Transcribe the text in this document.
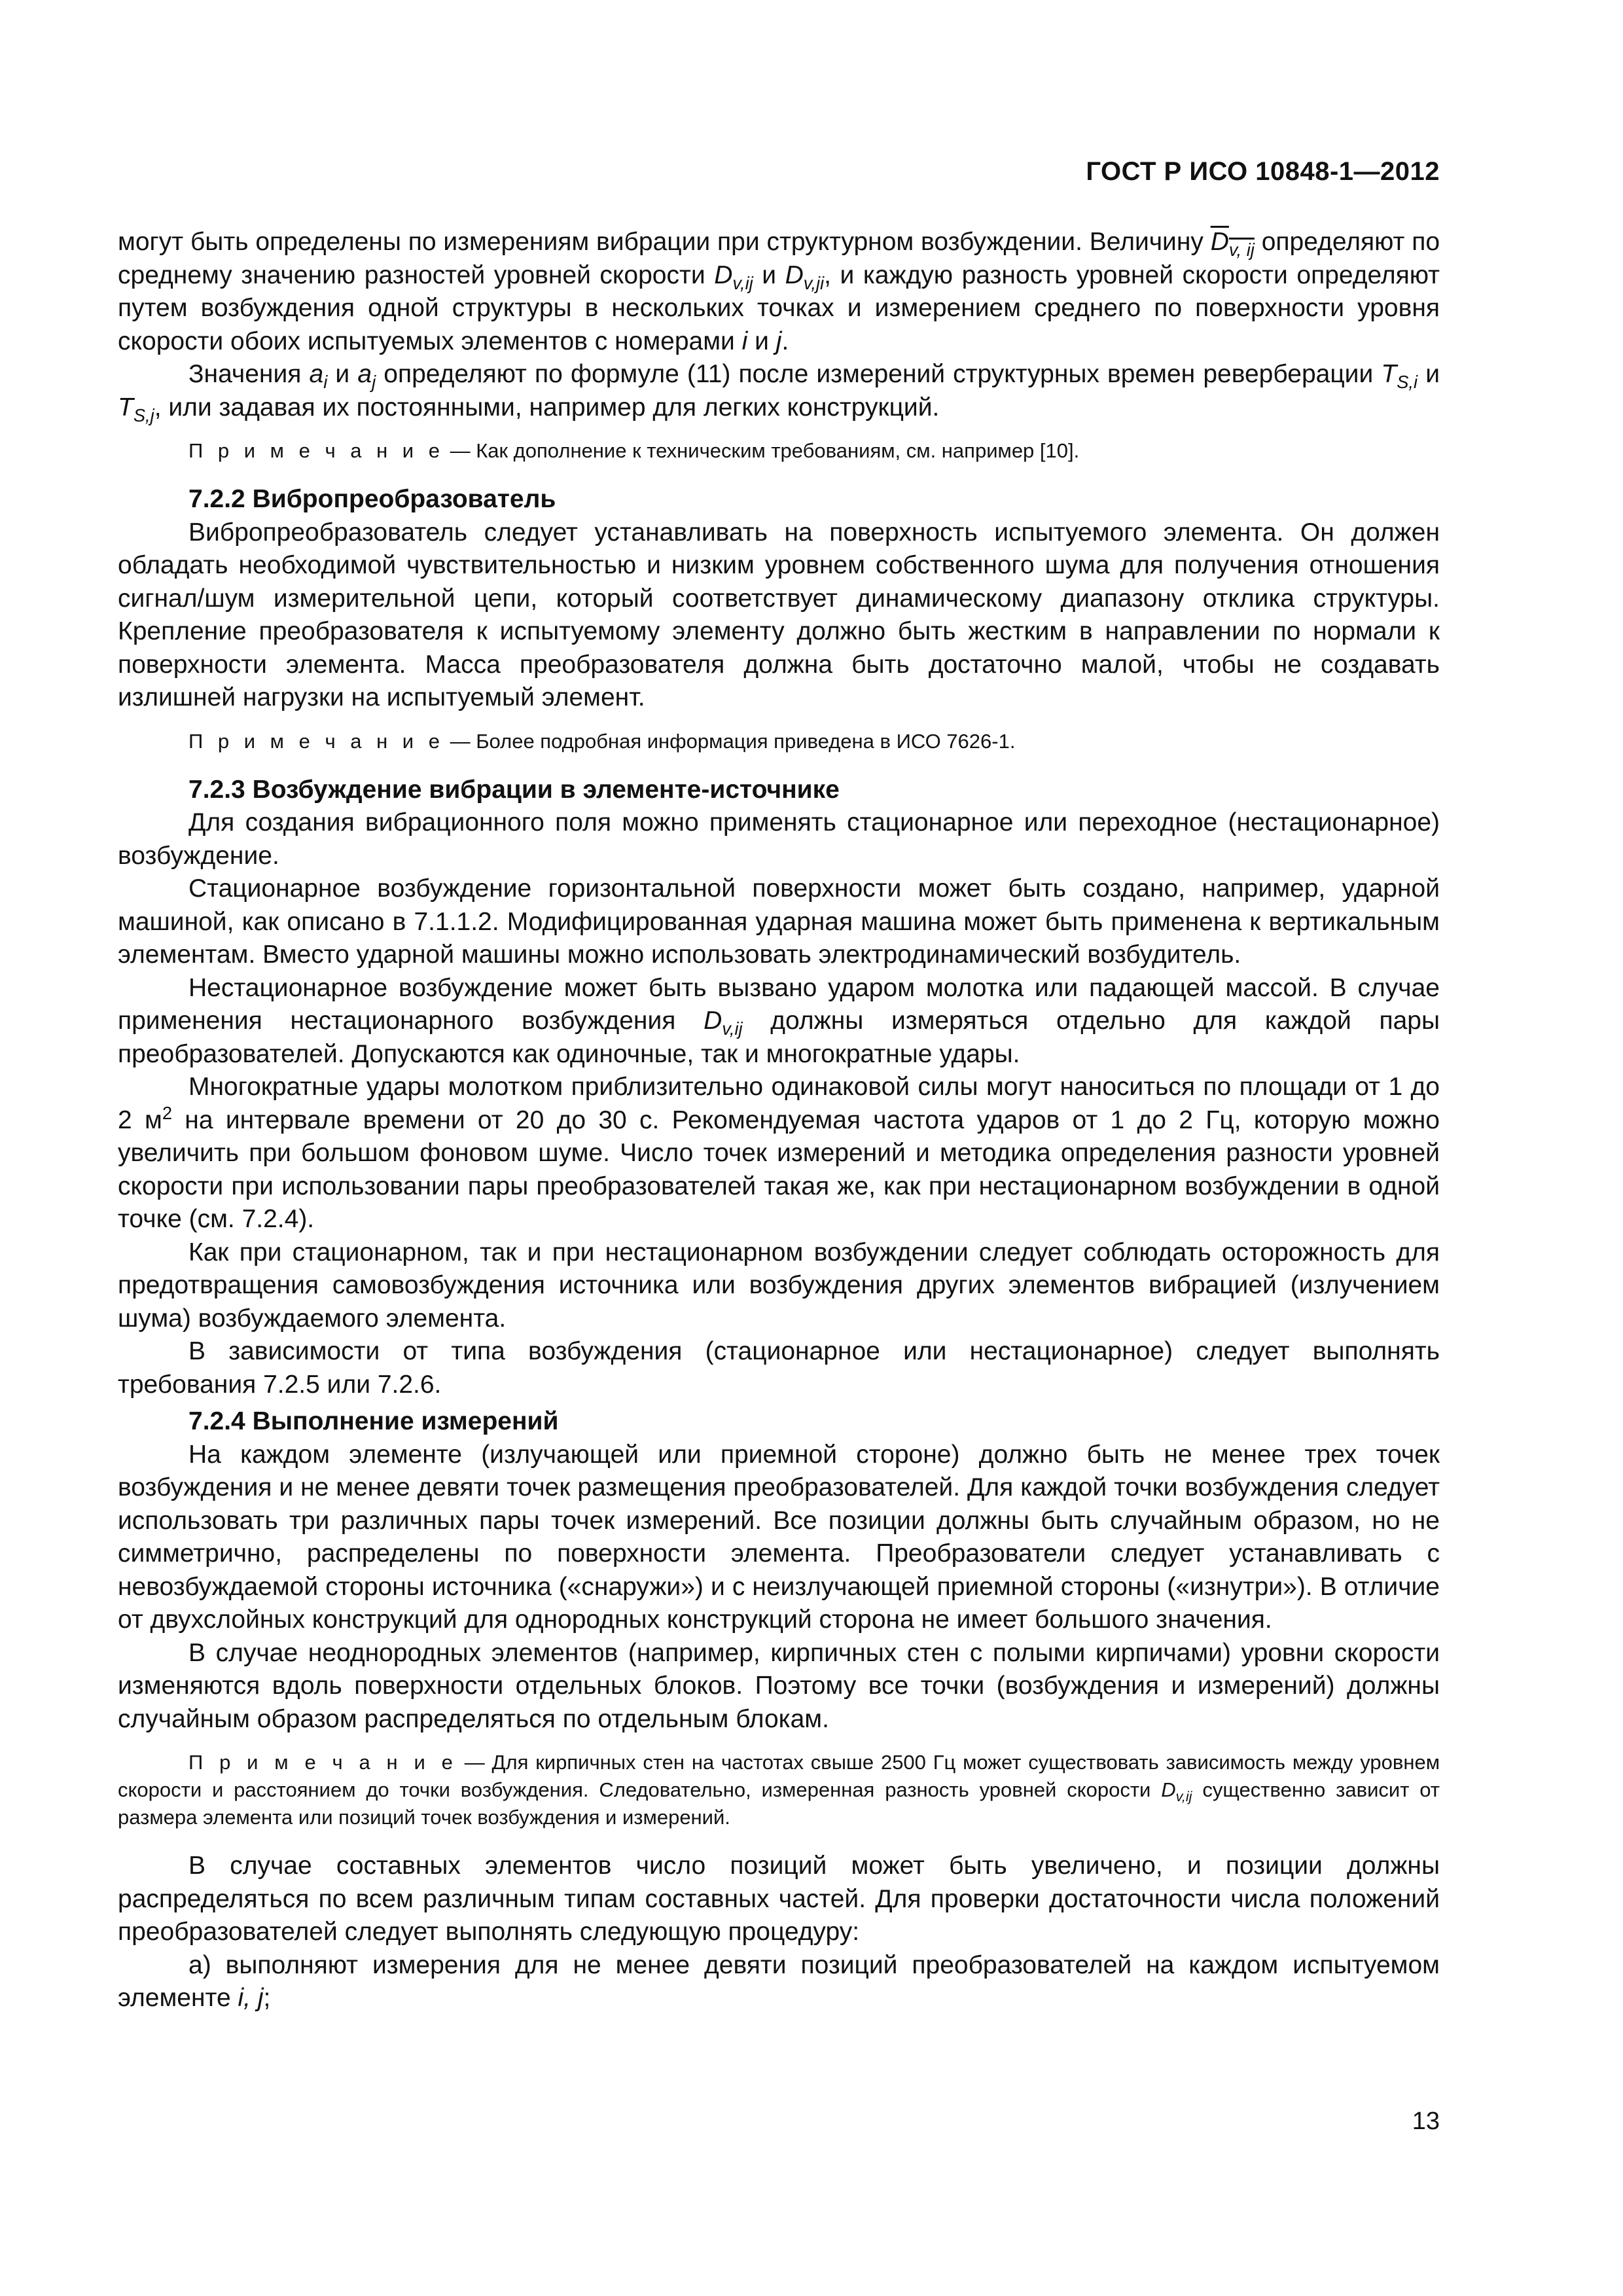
ГОСТ Р ИСО 10848-1—2012

могут быть определены по измерениям вибрации при структурном возбуждении. Величину $D_{v, ij}$ определяют по среднему значению разностей уровней скорости $D_{v,ij}$ и $D_{v,ji}$, и каждую разность уровней скорости определяют путем возбуждения одной структуры в нескольких точках и измерением среднего по поверхности уровня скорости обоих испытуемых элементов с номерами i и j.

Значения $a_i$ и $a_j$ определяют по формуле (11) после измерений структурных времен реверберации $T_{S,i}$ и $T_{S,j}$, или задавая их постоянными, например для легких конструкций.

П р и м е ч а н и е — Как дополнение к техническим требованиям, см. например [10].

7.2.2 Вибропреобразователь

Вибропреобразователь следует устанавливать на поверхность испытуемого элемента. Он должен обладать необходимой чувствительностью и низким уровнем собственного шума для получения отношения сигнал/шум измерительной цепи, который соответствует динамическому диапазону отклика структуры. Крепление преобразователя к испытуемому элементу должно быть жестким в направлении по нормали к поверхности элемента. Масса преобразователя должна быть достаточно малой, чтобы не создавать излишней нагрузки на испытуемый элемент.

П р и м е ч а н и е — Более подробная информация приведена в ИСО 7626-1.

7.2.3 Возбуждение вибрации в элементе-источнике

Для создания вибрационного поля можно применять стационарное или переходное (нестационарное) возбуждение.

Стационарное возбуждение горизонтальной поверхности может быть создано, например, ударной машиной, как описано в 7.1.1.2. Модифицированная ударная машина может быть применена к вертикальным элементам. Вместо ударной машины можно использовать электродинамический возбудитель.

Нестационарное возбуждение может быть вызвано ударом молотка или падающей массой. В случае применения нестационарного возбуждения $D_{v,ij}$ должны измеряться отдельно для каждой пары преобразователей. Допускаются как одиночные, так и многократные удары.

Многократные удары молотком приблизительно одинаковой силы могут наноситься по площади от 1 до 2 $м^2$ на интервале времени от 20 до 30 с. Рекомендуемая частота ударов от 1 до 2 Гц, которую можно увеличить при большом фоновом шуме. Число точек измерений и методика определения разности уровней скорости при использовании пары преобразователей такая же, как при нестационарном возбуждении в одной точке (см. 7.2.4).

Как при стационарном, так и при нестационарном возбуждении следует соблюдать осторожность для предотвращения самовозбуждения источника или возбуждения других элементов вибрацией (излучением шума) возбуждаемого элемента.

В зависимости от типа возбуждения (стационарное или нестационарное) следует выполнять требования 7.2.5 или 7.2.6.

7.2.4 Выполнение измерений

На каждом элементе (излучающей или приемной стороне) должно быть не менее трех точек возбуждения и не менее девяти точек размещения преобразователей. Для каждой точки возбуждения следует использовать три различных пары точек измерений. Все позиции должны быть случайным образом, но не симметрично, распределены по поверхности элемента. Преобразователи следует устанавливать с невозбуждаемой стороны источника («снаружи») и с неизлучающей приемной стороны («изнутри»). В отличие от двухслойных конструкций для однородных конструкций сторона не имеет большого значения.

В случае неоднородных элементов (например, кирпичных стен с полыми кирпичами) уровни скорости изменяются вдоль поверхности отдельных блоков. Поэтому все точки (возбуждения и измерений) должны случайным образом распределяться по отдельным блокам.

П р и м е ч а н и е — Для кирпичных стен на частотах свыше 2500 Гц может существовать зависимость между уровнем скорости и расстоянием до точки возбуждения. Следовательно, измеренная разность уровней скорости $D_{v,ij}$ существенно зависит от размера элемента или позиций точек возбуждения и измерений.

В случае составных элементов число позиций может быть увеличено, и позиции должны распределяться по всем различным типам составных частей. Для проверки достаточности числа положений преобразователей следует выполнять следующую процедуру:

a) выполняют измерения для не менее девяти позиций преобразователей на каждом испытуемом элементе i, j;

13
